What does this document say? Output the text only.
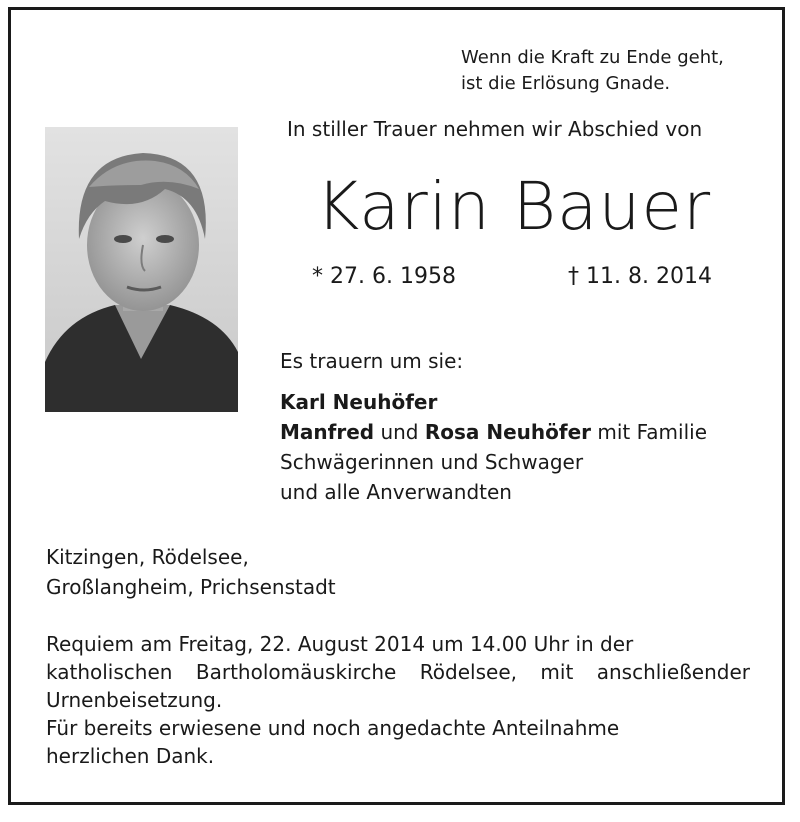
Wenn die Kraft zu Ende geht,
ist die Erlösung Gnade.
In stiller Trauer nehmen wir Abschied von
Karin Bauer
* 27. 6. 1958	† 11. 8. 2014
Es trauern um sie:
Karl Neuhöfer
Manfred und Rosa Neuhöfer mit Familie
Schwägerinnen und Schwager
und alle Anverwandten
Kitzingen, Rödelsee,
Großlangheim, Prichsenstadt
Requiem am Freitag, 22. August 2014 um 14.00 Uhr in der
katholischen Bartholomäuskirche Rödelsee, mit anschließender
Urnenbeisetzung.
Für bereits erwiesene und noch angedachte Anteilnahme
herzlichen Dank.
